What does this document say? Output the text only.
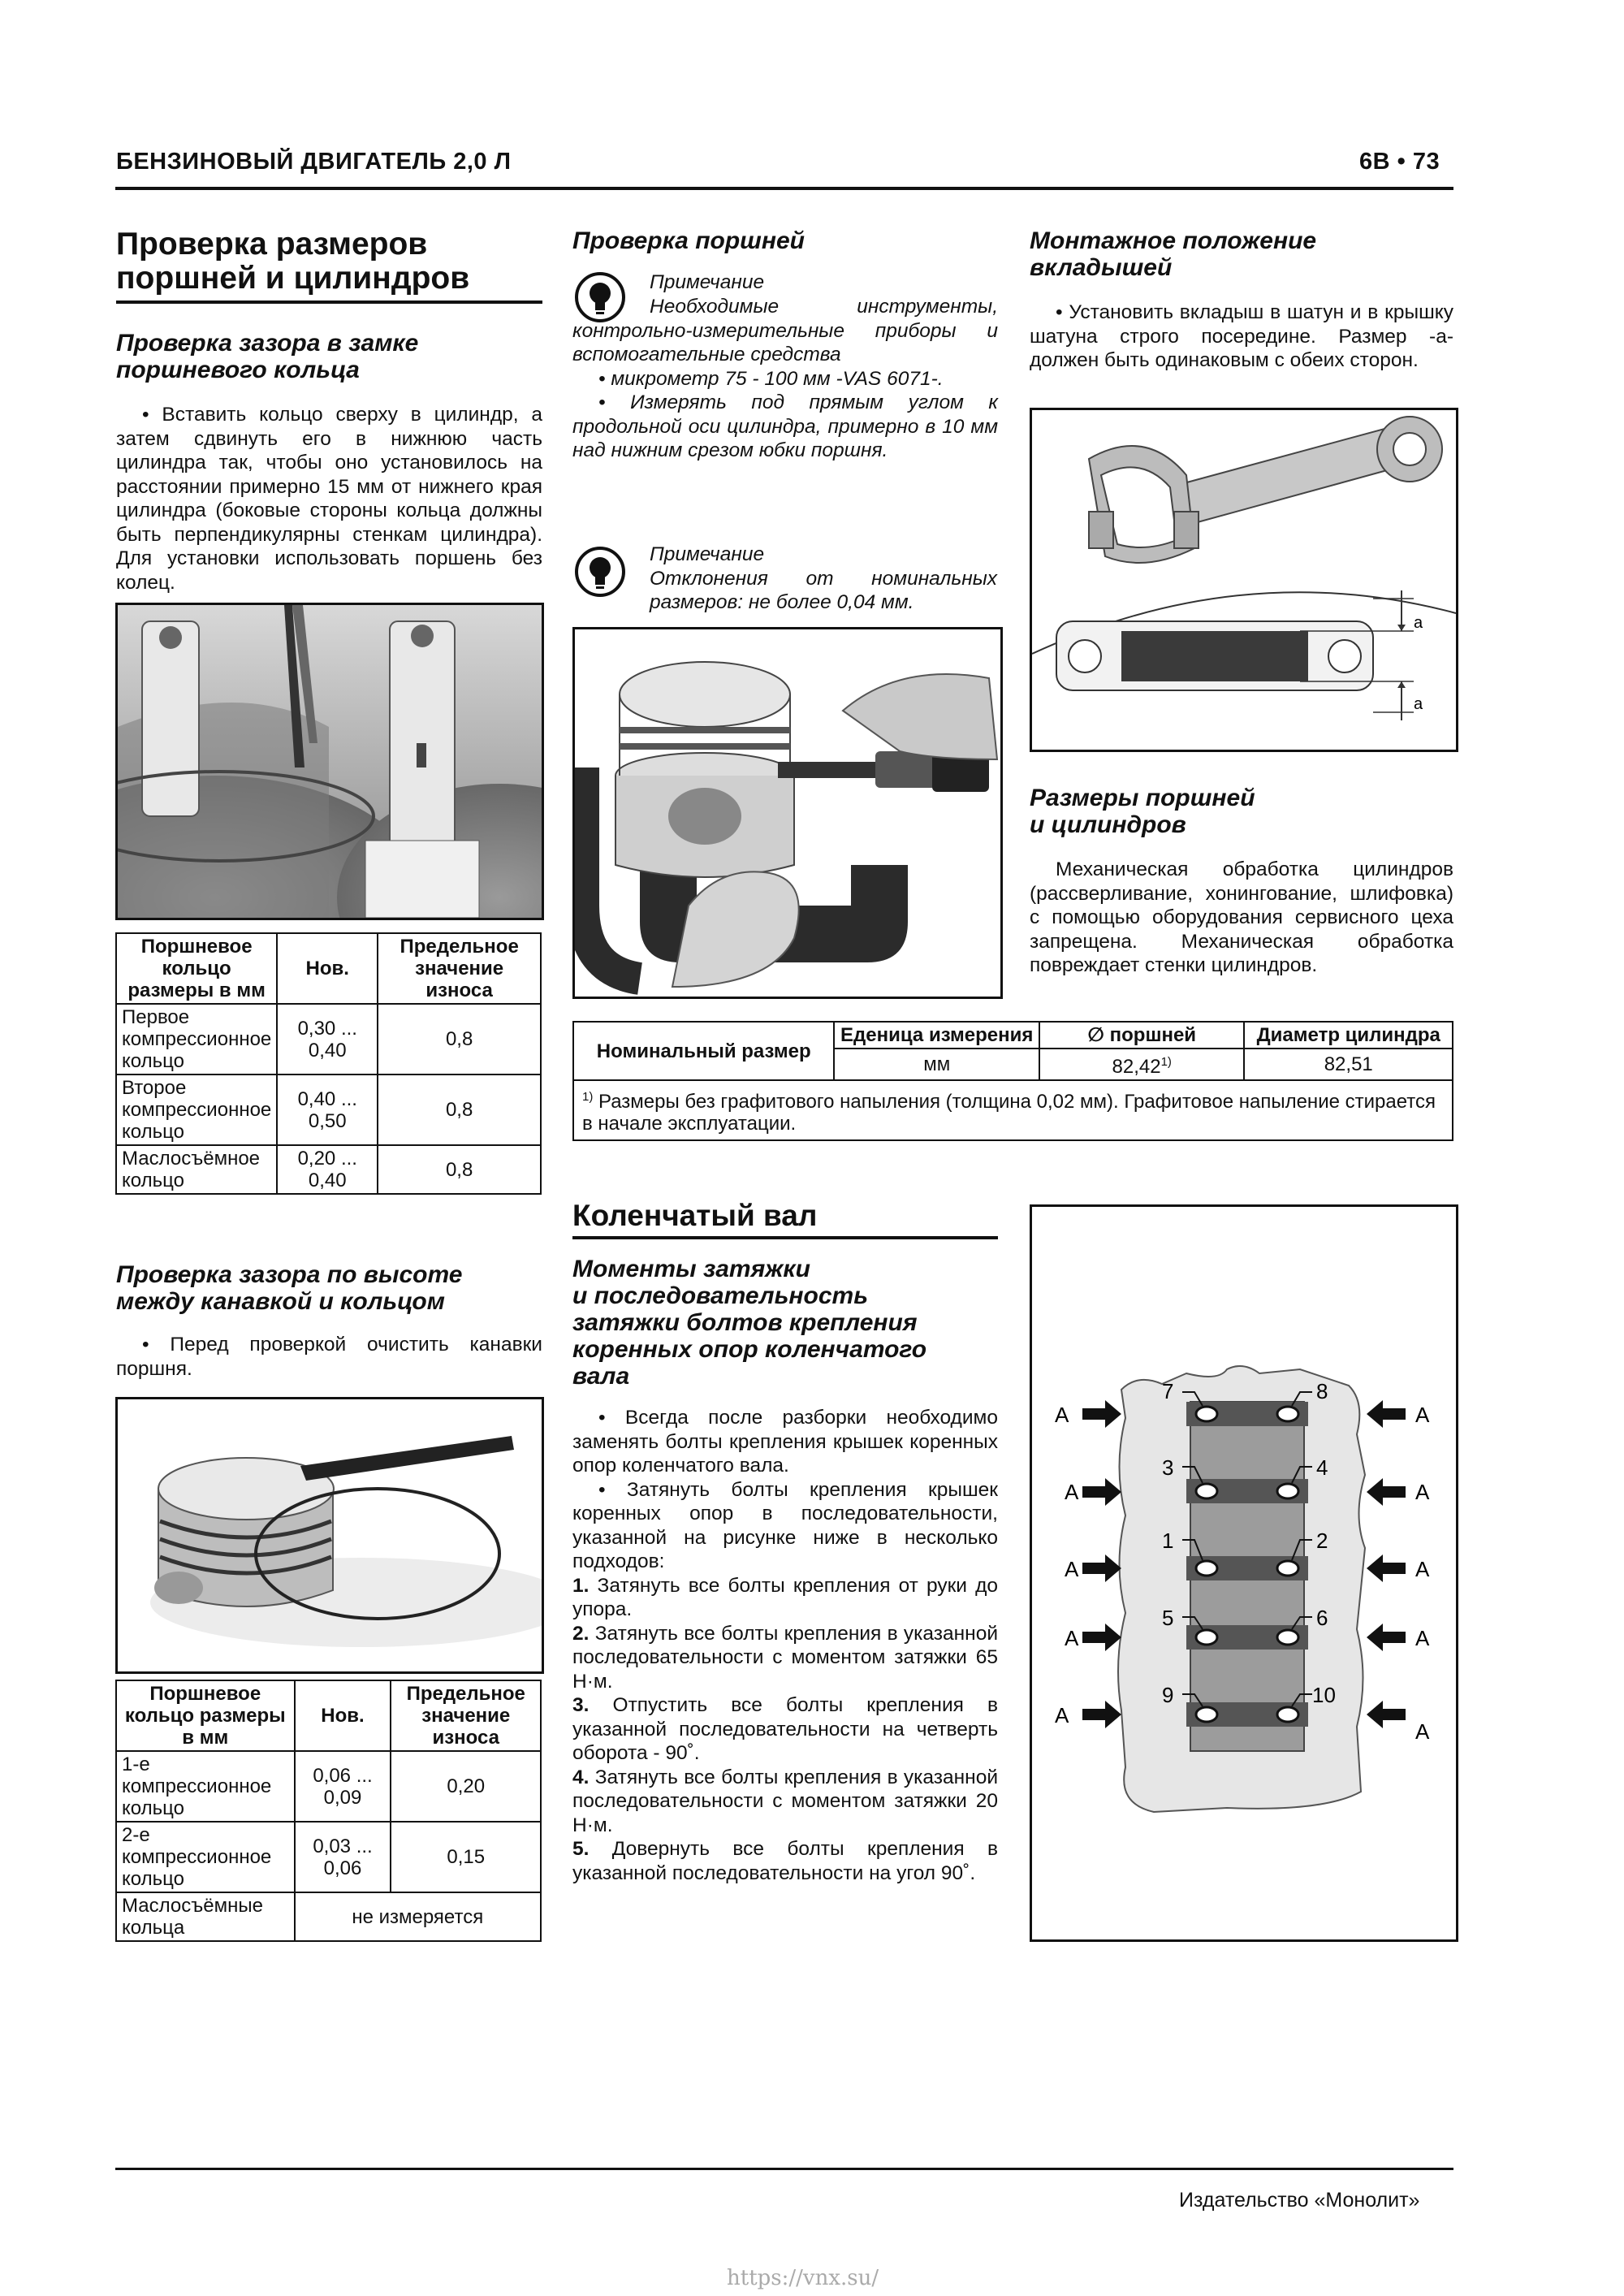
БЕНЗИНОВЫЙ ДВИГАТЕЛЬ 2,0 Л	6В • 73
Проверка размеров
поршней и цилиндров
Проверка зазора в замке
поршневого кольца

• Вставить кольцо сверху в цилиндр, а затем сдвинуть его в нижнюю часть цилиндра так, чтобы оно установилось на расстоянии примерно 15 мм от нижнего края цилиндра (боковые стороны кольца должны быть перпендикулярны стенкам цилиндра). Для установки использовать поршень без колец.

Поршневое кольцо размеры в мм	Нов.	Предельное значение износа
Первое компрессионное кольцо	0,30 ... 0,40	0,8
Второе компрессионное кольцо	0,40 ... 0,50	0,8
Маслосъёмное кольцо	0,20 ... 0,40	0,8
Проверка зазора по высоте
между канавкой и кольцом

• Перед проверкой очистить канавки поршня.

Поршневое кольцо размеры в мм	Нов.	Предельное значение износа
1-е компрессионное кольцо	0,06 ... 0,09	0,20
2-е компрессионное кольцо	0,03 ... 0,06	0,15
Маслосъёмные кольца	не измеряется	
Проверка поршней

Примечание

Необходимые инструменты, контрольно-измерительные приборы и вспомогательные средства

• микрометр 75 - 100 мм -VAS 6071-.

• Измерять под прямым углом к продольной оси цилиндра, примерно в 10 мм над нижним срезом юбки поршня.

Примечание

Отклонения от номинальных размеров: не более 0,04 мм.

Коленчатый вал
Моменты затяжки
и последовательность
затяжки болтов крепления
коренных опор коленчатого
вала

• Всегда после разборки необходимо заменять болты крепления крышек коренных опор коленчатого вала.

• Затянуть болты крепления крышек коренных опор в последовательности, указанной на рисунке ниже в несколько подходов:

1. Затянуть все болты крепления от руки до упора.

2. Затянуть все болты крепления в указанной последовательности с моментом затяжки 65 Н·м.

3. Отпустить все болты крепления в указанной последовательности на четверть оборота - 90˚.

4. Затянуть все болты крепления в указанной последовательности с моментом затяжки 20 Н·м.

5. Довернуть все болты крепления в указанной последовательности на угол 90˚.

Монтажное положение
вкладышей

• Установить вкладыш в шатун и в крышку шатуна строго посередине. Размер -а- должен быть одинаковым с обеих сторон.

a
a
Размеры поршней
и цилиндров

Механическая обработка цилиндров (рассверливание, хонингование, шлифовка) с помощью оборудования сервисного цеха запрещена. Механическая обработка повреждает стенки цилиндров.

Номинальный размер	Еденица измерения	∅ поршней	Диаметр цилиндра
	мм	82,42$^{1)}$	82,51
$^{1)}$ Размеры без графитового напыления (толщина 0,02 мм). Графитовое напыление стирается в начале эксплуатации.			
7	8
3	4
1	2
5	6
9	10
A
A
A
A
A
A
A
A
A
A
Издательство «Монолит»
https://vnx.su/
